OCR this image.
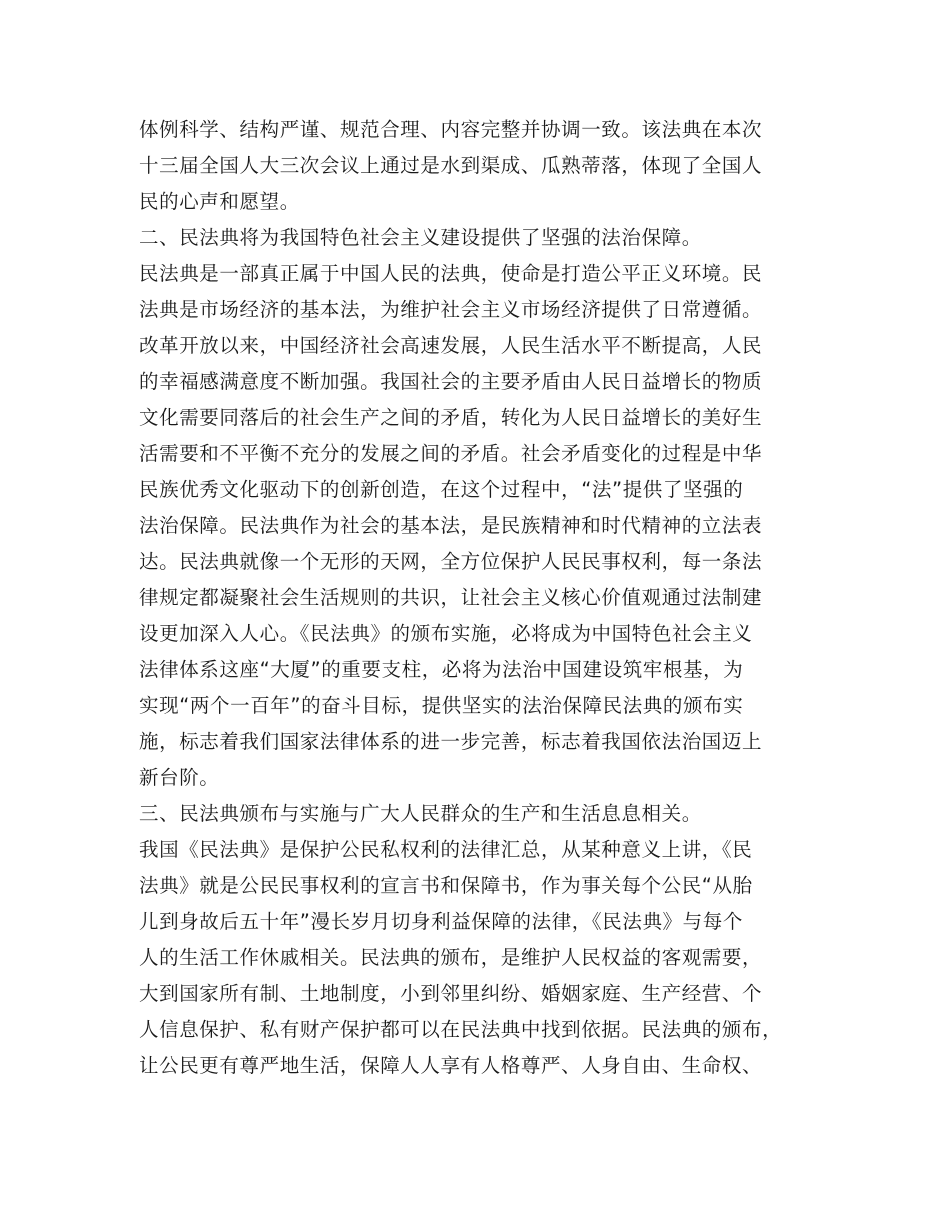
体例科学、结构严谨、规范合理、内容完整并协调一致。该法典在本次
十三届全国人大三次会议上通过是水到渠成、瓜熟蒂落，体现了全国人
民的心声和愿望。
二、民法典将为我国特色社会主义建设提供了坚强的法治保障。
民法典是一部真正属于中国人民的法典，使命是打造公平正义环境。民
法典是市场经济的基本法，为维护社会主义市场经济提供了日常遵循。
改革开放以来，中国经济社会高速发展，人民生活水平不断提高，人民
的幸福感满意度不断加强。我国社会的主要矛盾由人民日益增长的物质
文化需要同落后的社会生产之间的矛盾，转化为人民日益增长的美好生
活需要和不平衡不充分的发展之间的矛盾。社会矛盾变化的过程是中华
民族优秀文化驱动下的创新创造，在这个过程中，“法”提供了坚强的
法治保障。民法典作为社会的基本法，是民族精神和时代精神的立法表
达。民法典就像一个无形的天网，全方位保护人民民事权利，每一条法
律规定都凝聚社会生活规则的共识，让社会主义核心价值观通过法制建
设更加深入人心。《民法典》的颁布实施，必将成为中国特色社会主义
法律体系这座“大厦”的重要支柱，必将为法治中国建设筑牢根基，为
实现“两个一百年”的奋斗目标，提供坚实的法治保障民法典的颁布实
施，标志着我们国家法律体系的进一步完善，标志着我国依法治国迈上
新台阶。
三、民法典颁布与实施与广大人民群众的生产和生活息息相关。
我国《民法典》是保护公民私权利的法律汇总，从某种意义上讲，《民
法典》就是公民民事权利的宣言书和保障书，作为事关每个公民“从胎
儿到身故后五十年”漫长岁月切身利益保障的法律，《民法典》与每个
人的生活工作休戚相关。民法典的颁布，是维护人民权益的客观需要，
大到国家所有制、土地制度，小到邻里纠纷、婚姻家庭、生产经营、个
人信息保护、私有财产保护都可以在民法典中找到依据。民法典的颁布，
让公民更有尊严地生活，保障人人享有人格尊严、人身自由、生命权、
